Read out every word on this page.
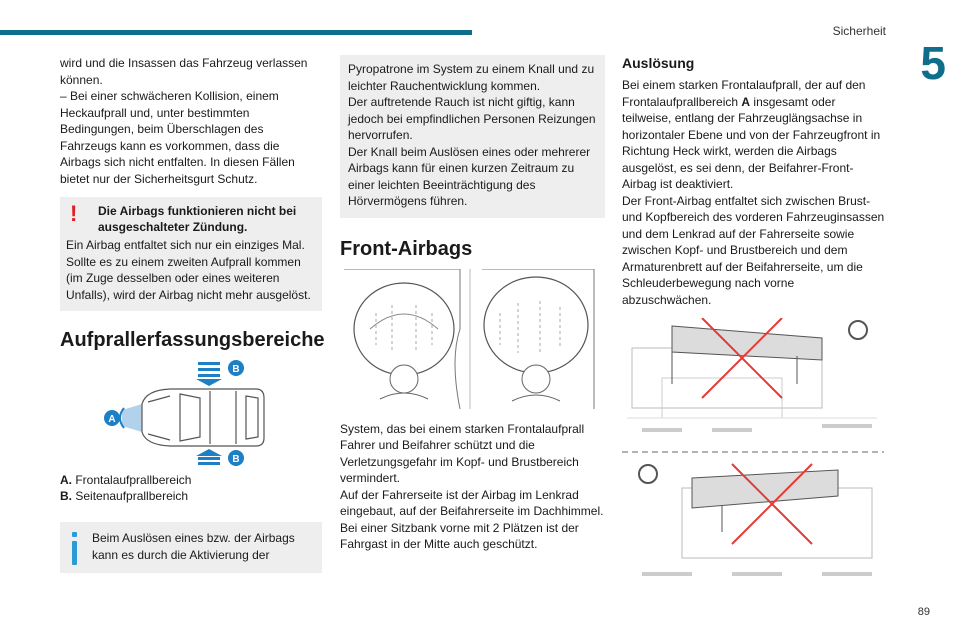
Sicherheit
5

wird und die Insassen das Fahrzeug verlassen können.
– Bei einer schwächeren Kollision, einem Heckaufprall und, unter bestimmten Bedingungen, beim Überschlagen des Fahrzeugs kann es vorkommen, dass die Airbags sich nicht entfalten. In diesen Fällen bietet nur der Sicherheitsgurt Schutz.

! Die Airbags funktionieren nicht bei ausgeschalteter Zündung.

Ein Airbag entfaltet sich nur ein einziges Mal. Sollte es zu einem zweiten Aufprall kommen (im Zuge desselben oder eines weiteren Unfalls), wird der Airbag nicht mehr ausgelöst.

Aufprallerfassungsbereiche
B
A
B
A. Frontalaufprallbereich
B. Seitenaufprallbereich

Beim Auslösen eines bzw. der Airbags kann es durch die Aktivierung der

Pyropatrone im System zu einem Knall und zu leichter Rauchentwicklung kommen.
Der auftretende Rauch ist nicht giftig, kann jedoch bei empfindlichen Personen Reizungen hervorrufen.
Der Knall beim Auslösen eines oder mehrerer Airbags kann für einen kurzen Zeitraum zu einer leichten Beeinträchtigung des Hörvermögens führen.

Front-Airbags

System, das bei einem starken Frontalaufprall Fahrer und Beifahrer schützt und die Verletzungsgefahr im Kopf- und Brustbereich vermindert.
Auf der Fahrerseite ist der Airbag im Lenkrad eingebaut, auf der Beifahrerseite im Dachhimmel.
Bei einer Sitzbank vorne mit 2 Plätzen ist der Fahrgast in der Mitte auch geschützt.

Auslösung

Bei einem starken Frontalaufprall, der auf den Frontalaufprallbereich A insgesamt oder teilweise, entlang der Fahrzeuglängsachse in horizontaler Ebene und von der Fahrzeugfront in Richtung Heck wirkt, werden die Airbags ausgelöst, es sei denn, der Beifahrer-Front-Airbag ist deaktiviert.
Der Front-Airbag entfaltet sich zwischen Brust- und Kopfbereich des vorderen Fahrzeuginsassen und dem Lenkrad auf der Fahrerseite sowie zwischen Kopf- und Brustbereich und dem Armaturenbrett auf der Beifahrerseite, um die Schleuderbewegung nach vorne abzuschwächen.

89
